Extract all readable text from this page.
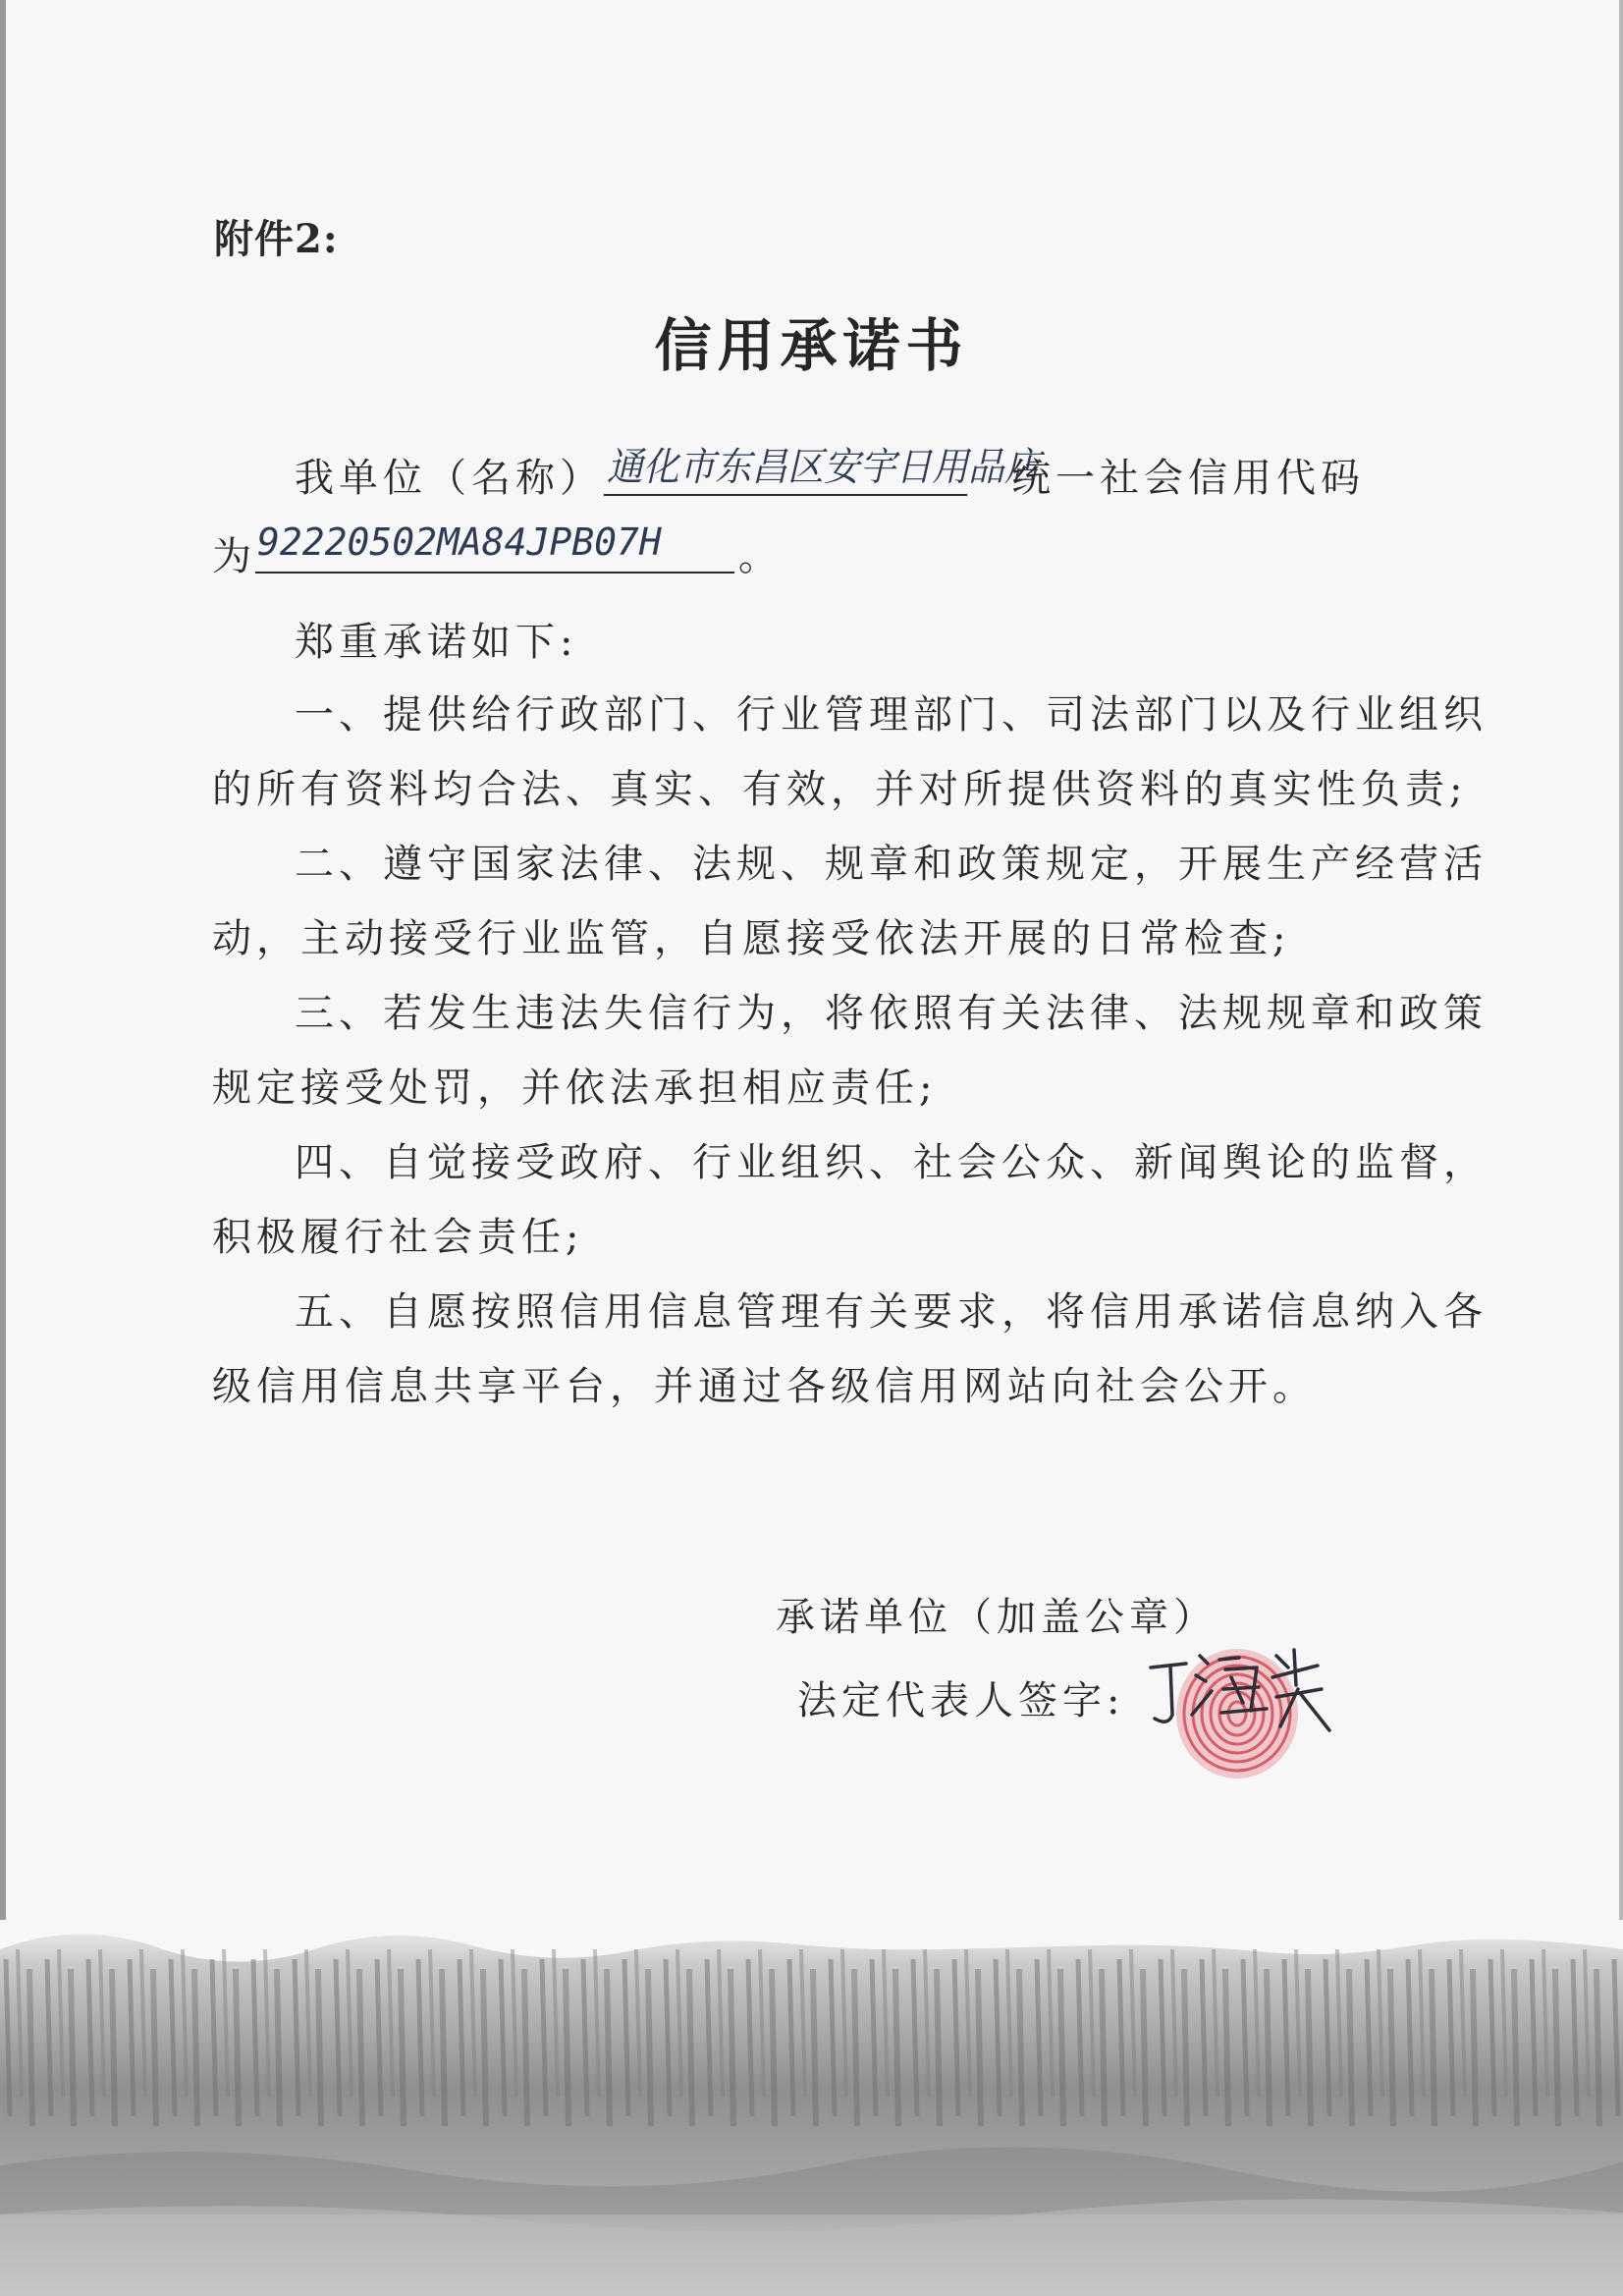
附件2:
信用承诺书
我单位（名称） 通化市东昌区安宇日用品店
统一社会信用代码
为 92220502MA84JPB07H 。
郑重承诺如下:
一、提供给行政部门、行业管理部门、司法部门以及行业组织
的所有资料均合法、真实、有效，并对所提供资料的真实性负责;
二、遵守国家法律、法规、规章和政策规定，开展生产经营活
动，主动接受行业监管，自愿接受依法开展的日常检查;
三、若发生违法失信行为，将依照有关法律、法规规章和政策
规定接受处罚，并依法承担相应责任;
四、自觉接受政府、行业组织、社会公众、新闻舆论的监督，
积极履行社会责任;
五、自愿按照信用信息管理有关要求，将信用承诺信息纳入各
级信用信息共享平台，并通过各级信用网站向社会公开。
承诺单位（加盖公章）
法定代表人签字:
